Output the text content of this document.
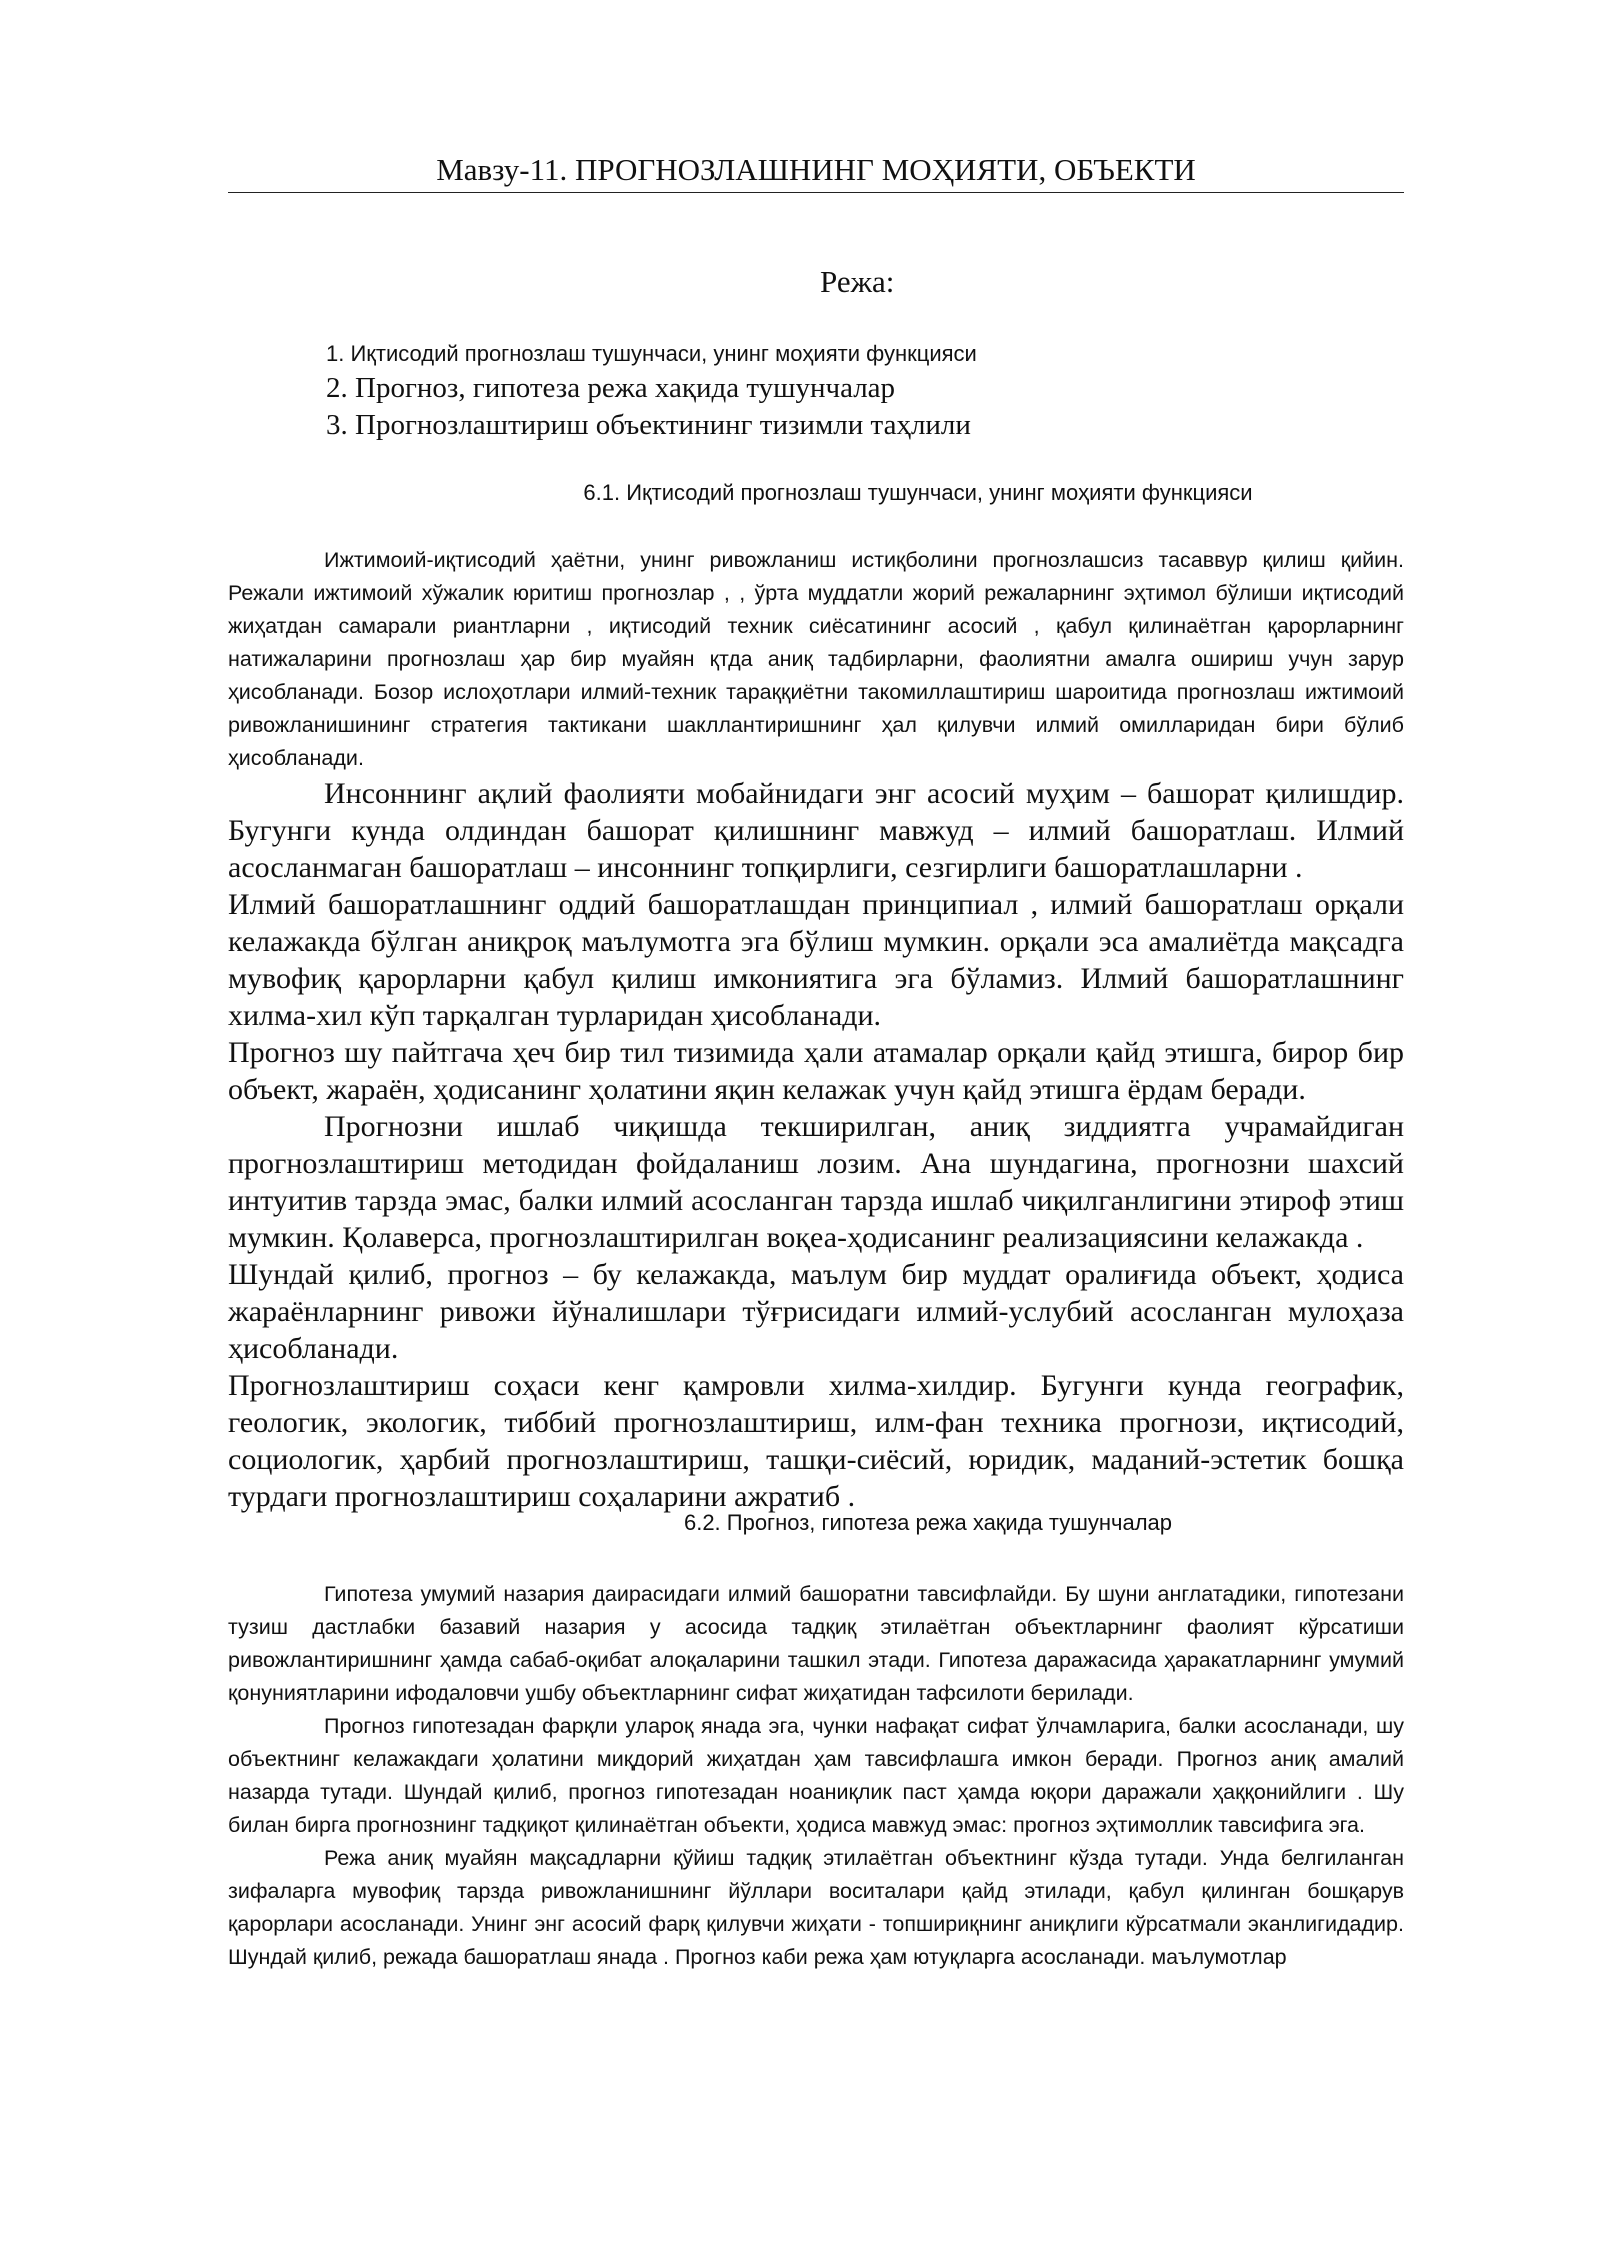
Мавзу-11. ПРОГНОЗЛАШНИНГ МОҲИЯТИ, ОБЪЕКТИ
Режа:
1. Иқтисодий прогнозлаш тушунчаси, унинг моҳияти функцияси
2. Прогноз, гипотеза режа хақида тушунчалар
3. Прогнозлаштириш объектининг тизимли таҳлили
6.1. Иқтисодий прогнозлаш тушунчаси, унинг моҳияти функцияси

Ижтимоий-иқтисодий ҳаётни, унинг ривожланиш истиқболини прогнозлашсиз тасаввур қилиш қийин. Режали ижтимоий хўжалик юритиш прогнозлар , , ўрта муддатли жорий режаларнинг эҳтимол бўлиши иқтисодий жиҳатдан самарали риантларни , иқтисодий техник сиёсатининг асосий , қабул қилинаётган қарорларнинг натижаларини прогнозлаш ҳар бир муайян қтда аниқ тадбирларни, фаолиятни амалга ошириш учун зарур ҳисобланади. Бозор ислоҳотлари илмий-техник тараққиётни такомиллаштириш шароитида прогнозлаш ижтимоий ривожланишининг стратегия тактикани шакллантиришнинг ҳал қилувчи илмий омилларидан бири бўлиб ҳисобланади.

Инсоннинг ақлий фаолияти мобайнидаги энг асосий муҳим – башорат қилишдир. Бугунги кунда олдиндан башорат қилишнинг мавжуд – илмий башоратлаш. Илмий асосланмаган башоратлаш – инсоннинг топқирлиги, сезгирлиги башоратлашларни .

Илмий башоратлашнинг оддий башоратлашдан принципиал , илмий башоратлаш орқали келажакда бўлган аниқроқ маълумотга эга бўлиш мумкин. орқали эса амалиётда мақсадга мувофиқ қарорларни қабул қилиш имкониятига эга бўламиз. Илмий башоратлашнинг хилма-хил кўп тарқалган турларидан ҳисобланади.

Прогноз шу пайтгача ҳеч бир тил тизимида ҳали атамалар орқали қайд этишга, бирор бир объект, жараён, ҳодисанинг ҳолатини яқин келажак учун қайд этишга ёрдам беради.

Прогнозни ишлаб чиқишда текширилган, аниқ зиддиятга учрамайдиган прогнозлаштириш методидан фойдаланиш лозим. Ана шундагина, прогнозни шахсий интуитив тарзда эмас, балки илмий асосланган тарзда ишлаб чиқилганлигини этироф этиш мумкин. Қолаверса, прогнозлаштирилган воқеа-ҳодисанинг реализациясини келажакда .

Шундай қилиб, прогноз – бу келажакда, маълум бир муддат оралиғида объект, ҳодиса жараёнларнинг ривожи йўналишлари тўғрисидаги илмий-услубий асосланган мулоҳаза ҳисобланади.

Прогнозлаштириш соҳаси кенг қамровли хилма-хилдир. Бугунги кунда географик, геологик, экологик, тиббий прогнозлаштириш, илм-фан техника прогнози, иқтисодий, социологик, ҳарбий прогнозлаштириш, ташқи-сиёсий, юридик, маданий-эстетик бошқа турдаги прогнозлаштириш соҳаларини ажратиб .

6.2. Прогноз, гипотеза режа хақида тушунчалар

Гипотеза умумий назария даирасидаги илмий башоратни тавсифлайди. Бу шуни англатадики, гипотезани тузиш дастлабки базавий назария у асосида тадқиқ этилаётган объектларнинг фаолият кўрсатиши ривожлантиришнинг ҳамда сабаб-оқибат алоқаларини ташкил этади. Гипотеза даражасида ҳаракатларнинг умумий қонуниятларини ифодаловчи ушбу объектларнинг сифат жиҳатидан тафсилоти берилади.

Прогноз гипотезадан фарқли улароқ янада эга, чунки нафақат сифат ўлчамларига, балки асосланади, шу объектнинг келажакдаги ҳолатини миқдорий жиҳатдан ҳам тавсифлашга имкон беради. Прогноз аниқ амалий назарда тутади. Шундай қилиб, прогноз гипотезадан ноаниқлик паст ҳамда юқори даражали ҳаққонийлиги . Шу билан бирга прогнознинг тадқиқот қилинаётган объекти, ҳодиса мавжуд эмас: прогноз эҳтимоллик тавсифига эга.

Режа аниқ муайян мақсадларни қўйиш тадқиқ этилаётган объектнинг кўзда тутади. Унда белгиланган зифаларга мувофиқ тарзда ривожланишнинг йўллари воситалари қайд этилади, қабул қилинган бошқарув қарорлари асосланади. Унинг энг асосий фарқ қилувчи жиҳати - топшириқнинг аниқлиги кўрсатмали эканлигидадир. Шундай қилиб, режада башоратлаш янада . Прогноз каби режа ҳам ютуқларга асосланади. маълумотлар
